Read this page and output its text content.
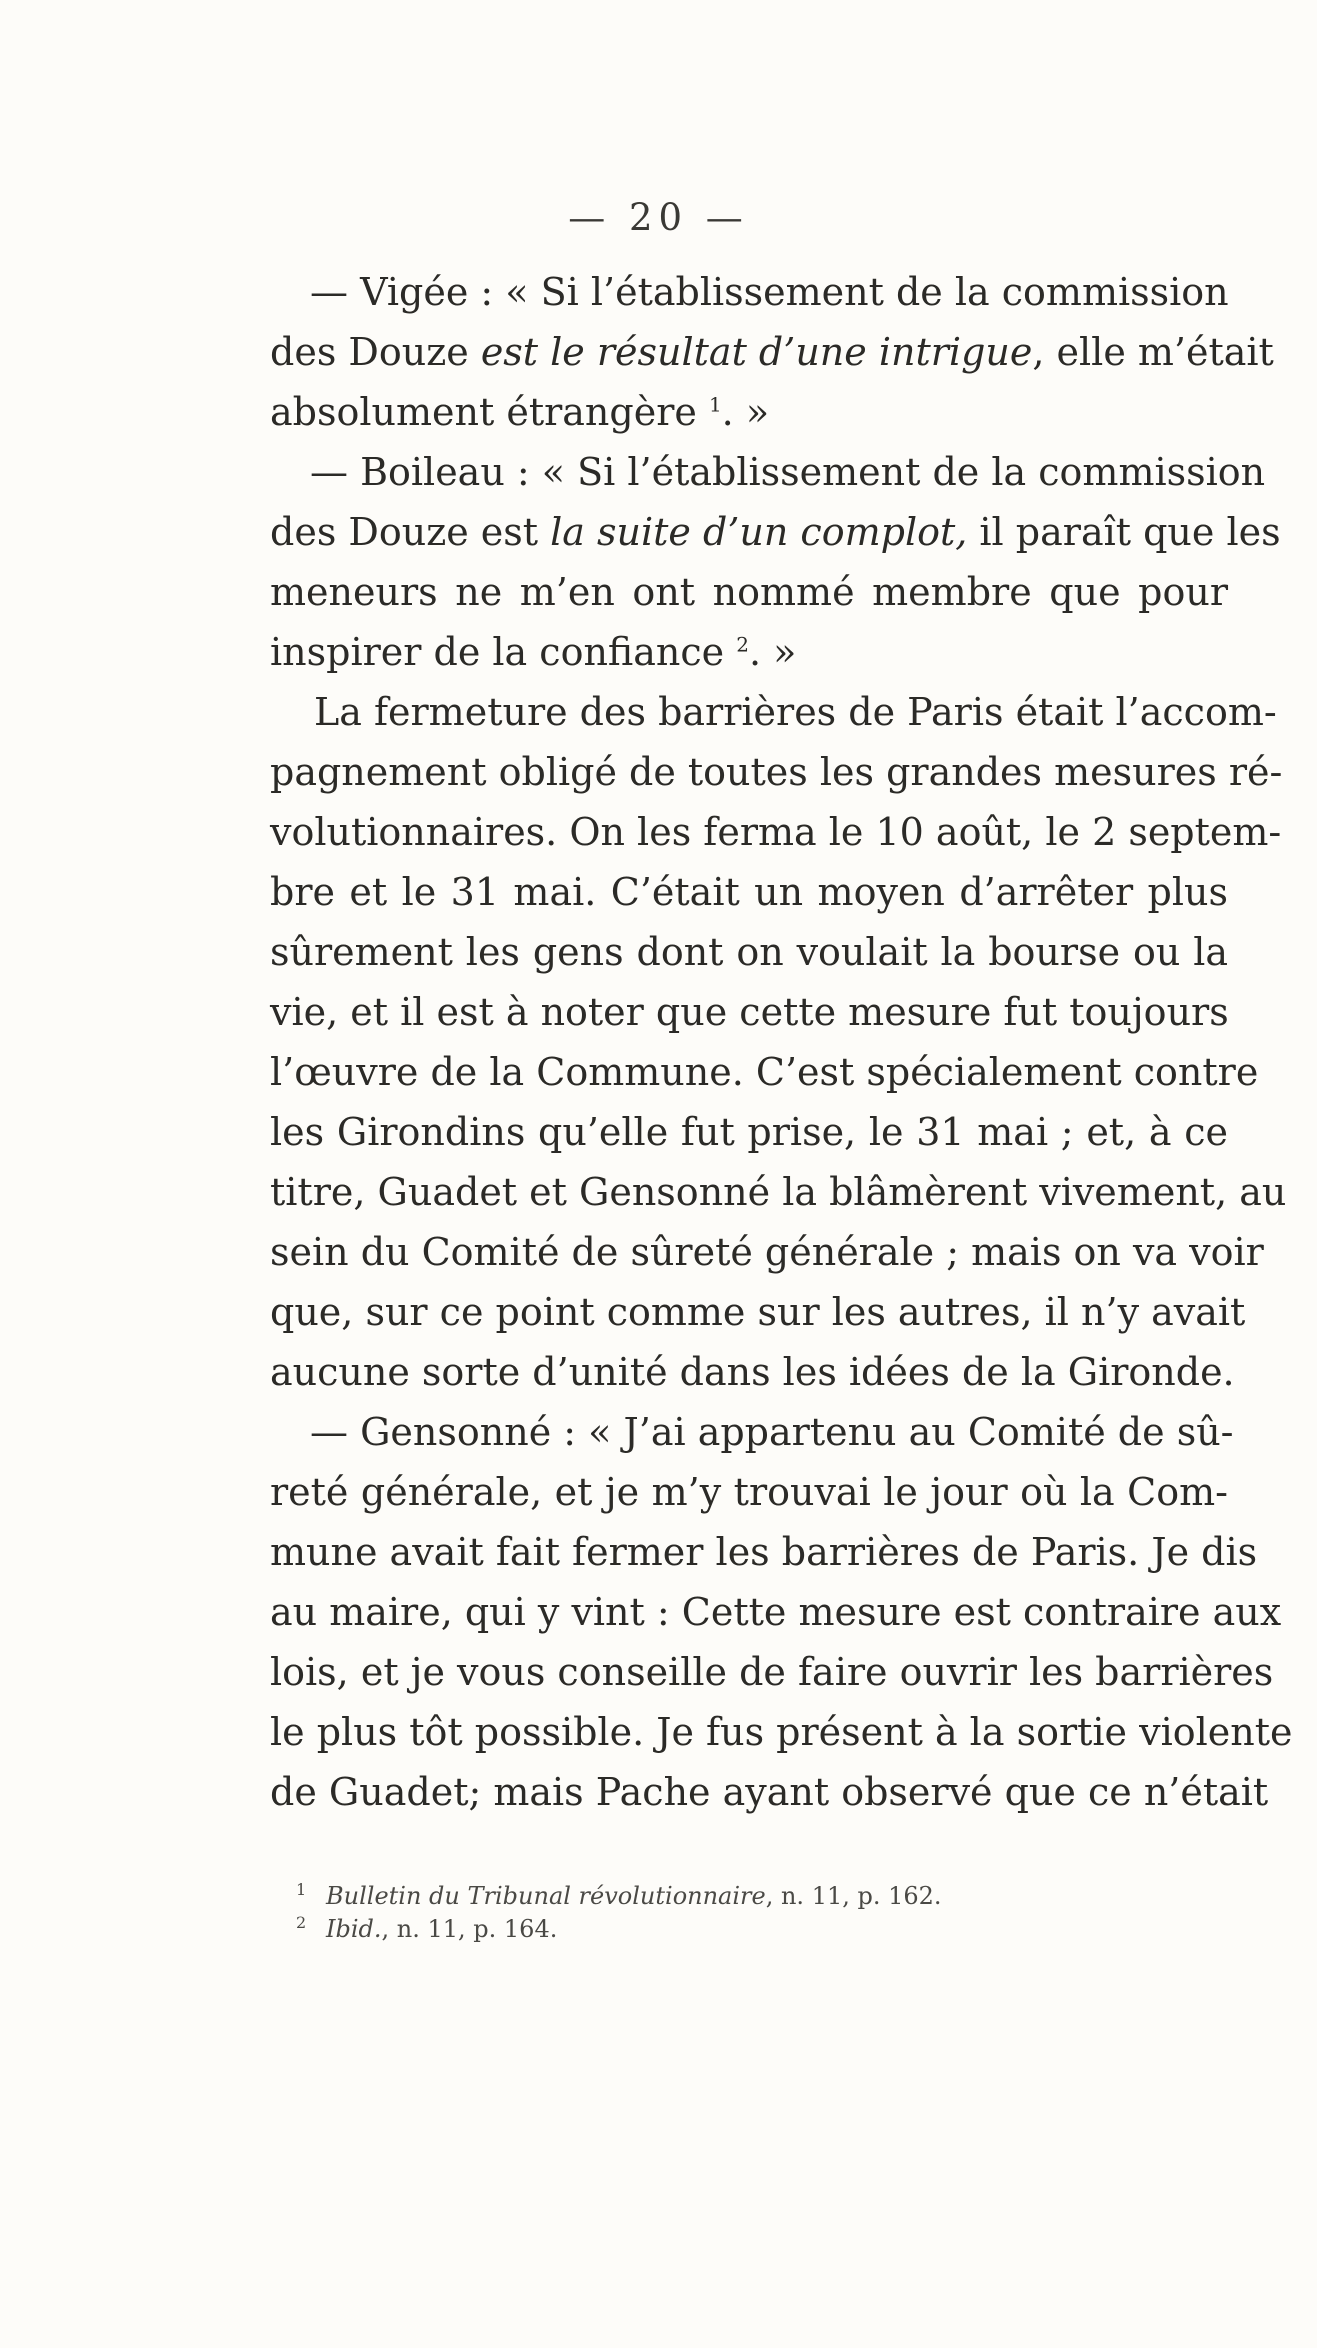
— 20 —
— Vigée : « Si l’établissement de la commission
des Douze est le résultat d’une intrigue, elle m’était
absolument étrangère $^1$. »
— Boileau : « Si l’établissement de la commission
des Douze est la suite d’un complot, il paraît que les
meneurs ne m’en ont nommé membre que pour
inspirer de la confiance $^2$. »
La fermeture des barrières de Paris était l’accom-
pagnement obligé de toutes les grandes mesures ré-
volutionnaires. On les ferma le 10 août, le 2 septem-
bre et le 31 mai. C’était un moyen d’arrêter plus
sûrement les gens dont on voulait la bourse ou la
vie, et il est à noter que cette mesure fut toujours
l’œuvre de la Commune. C’est spécialement contre
les Girondins qu’elle fut prise, le 31 mai ; et, à ce
titre, Guadet et Gensonné la blâmèrent vivement, au
sein du Comité de sûreté générale ; mais on va voir
que, sur ce point comme sur les autres, il n’y avait
aucune sorte d’unité dans les idées de la Gironde.
— Gensonné : « J’ai appartenu au Comité de sû-
reté générale, et je m’y trouvai le jour où la Com-
mune avait fait fermer les barrières de Paris. Je dis
au maire, qui y vint : Cette mesure est contraire aux
lois, et je vous conseille de faire ouvrir les barrières
le plus tôt possible. Je fus présent à la sortie violente
de Guadet; mais Pache ayant observé que ce n’était
1 Bulletin du Tribunal révolutionnaire, n. 11, p. 162.
2 Ibid., n. 11, p. 164.
